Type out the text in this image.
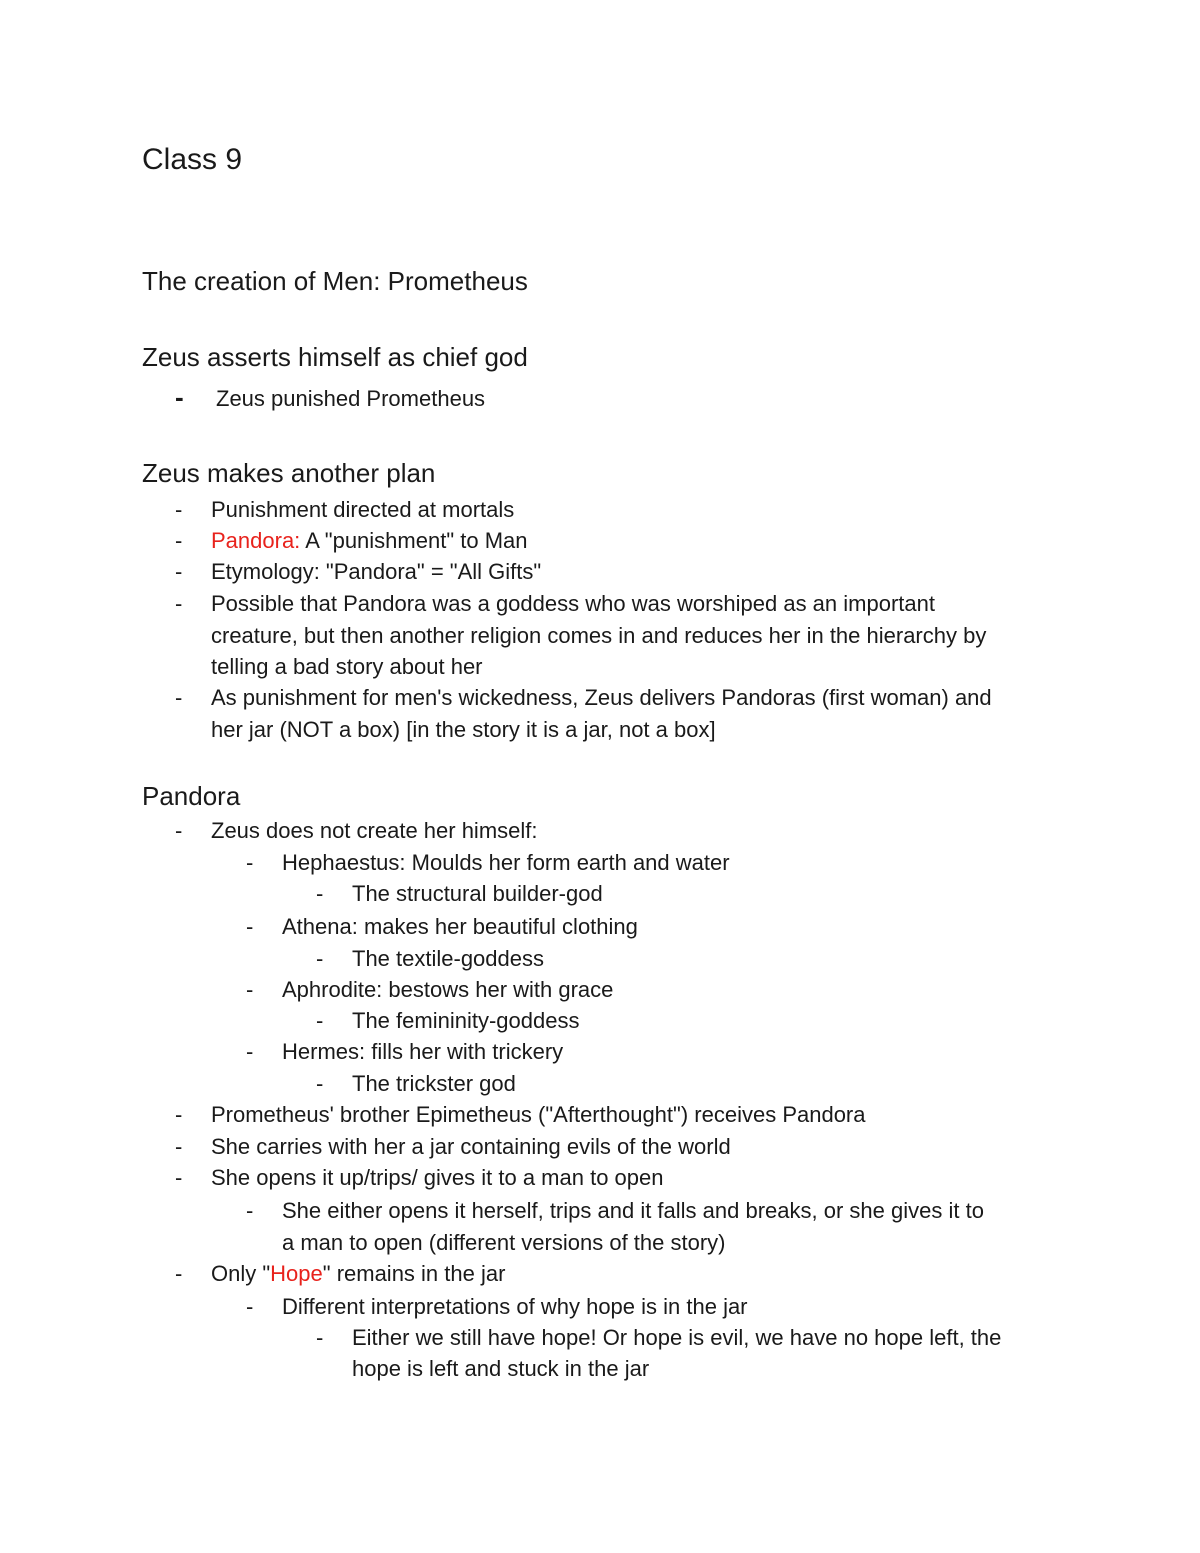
Class 9
The creation of Men: Prometheus
Zeus asserts himself as chief god
- Zeus punished Prometheus
Zeus makes another plan
- Punishment directed at mortals
- Pandora: A "punishment" to Man
- Etymology: "Pandora" = "All Gifts"
- Possible that Pandora was a goddess who was worshiped as an important
creature, but then another religion comes in and reduces her in the hierarchy by
telling a bad story about her
- As punishment for men's wickedness, Zeus delivers Pandoras (first woman) and
her jar (NOT a box) [in the story it is a jar, not a box]
Pandora
- Zeus does not create her himself:
- Hephaestus: Moulds her form earth and water
- The structural builder-god
- Athena: makes her beautiful clothing
- The textile-goddess
- Aphrodite: bestows her with grace
- The femininity-goddess
- Hermes: fills her with trickery
- The trickster god
- Prometheus' brother Epimetheus ("Afterthought") receives Pandora
- She carries with her a jar containing evils of the world
- She opens it up/trips/ gives it to a man to open
- She either opens it herself, trips and it falls and breaks, or she gives it to
a man to open (different versions of the story)
- Only "Hope" remains in the jar
- Different interpretations of why hope is in the jar
- Either we still have hope! Or hope is evil, we have no hope left, the
hope is left and stuck in the jar
